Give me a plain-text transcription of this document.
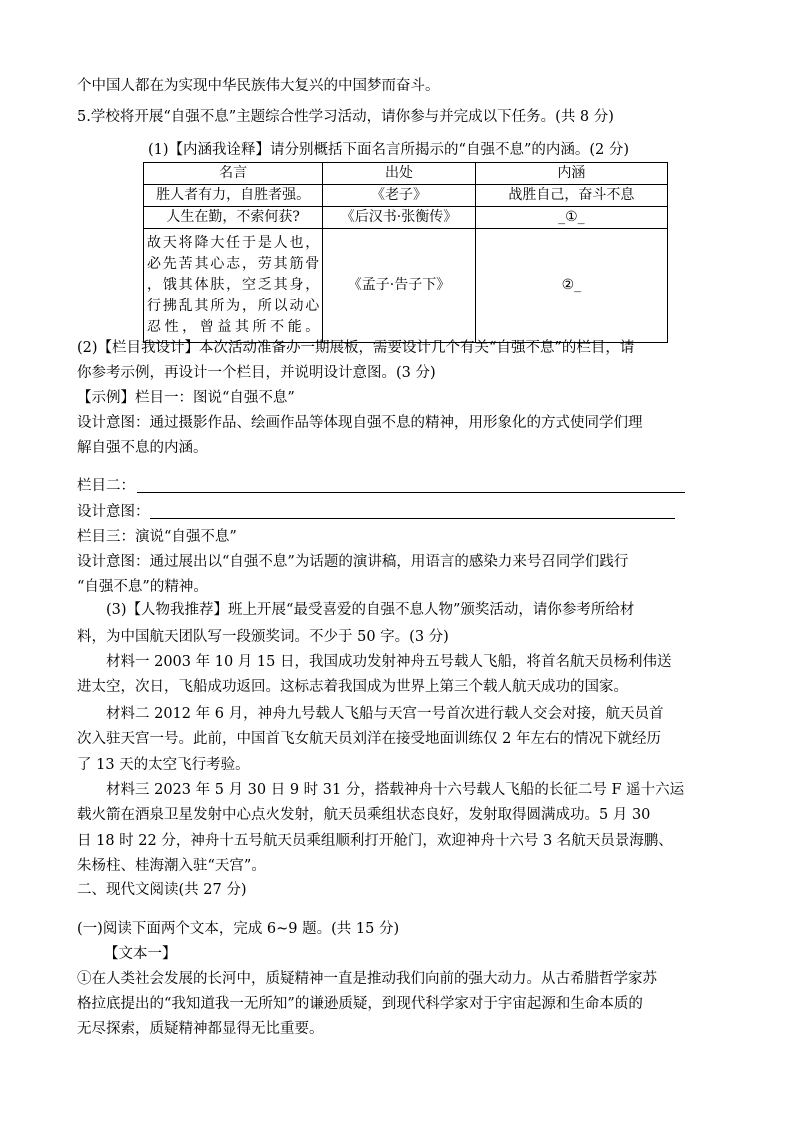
个中国人都在为实现中华民族伟大复兴的中国梦而奋斗。
5.学校将开展“自强不息”主题综合性学习活动，请你参与并完成以下任务。(共 8 分)
(1)【内涵我诠释】请分别概括下面名言所揭示的“自强不息”的内涵。(2 分)
名言	出处	内涵
胜人者有力，自胜者强。	《老子》	战胜自己，奋斗不息
人生在勤，不索何获?	《后汉书·张衡传》	_①_

故天将降大任于是人也，
必先苦其心志，劳其筋骨
，饿其体肤，空乏其身，
行拂乱其所为，所以动心
忍性，曾益其所不能。	《孟子·告子下》	②_
(2)【栏目我设计】本次活动准备办一期展板，需要设计几个有关“自强不息”的栏目，请
你参考示例，再设计一个栏目，并说明设计意图。(3 分)
【示例】栏目一：图说“自强不息”
设计意图：通过摄影作品、绘画作品等体现自强不息的精神，用形象化的方式使同学们理
解自强不息的内涵。
栏目二：
设计意图：
栏目三：演说“自强不息”
设计意图：通过展出以“自强不息”为话题的演讲稿，用语言的感染力来号召同学们践行
“自强不息”的精神。
(3)【人物我推荐】班上开展“最受喜爱的自强不息人物”颁奖活动，请你参考所给材
料，为中国航天团队写一段颁奖词。不少于 50 字。(3 分)
材料一 2003 年 10 月 15 日，我国成功发射神舟五号载人飞船，将首名航天员杨利伟送
进太空，次日，飞船成功返回。这标志着我国成为世界上第三个载人航天成功的国家。
材料二 2012 年 6 月，神舟九号载人飞船与天宫一号首次进行载人交会对接，航天员首
次入驻天宫一号。此前，中国首飞女航天员刘洋在接受地面训练仅 2 年左右的情况下就经历
了 13 天的太空飞行考验。
材料三 2023 年 5 月 30 日 9 时 31 分，搭载神舟十六号载人飞船的长征二号 F 遥十六运
载火箭在酒泉卫星发射中心点火发射，航天员乘组状态良好，发射取得圆满成功。5 月 30
日 18 时 22 分，神舟十五号航天员乘组顺利打开舱门，欢迎神舟十六号 3 名航天员景海鹏、
朱杨柱、桂海潮入驻“天宫”。
二、现代文阅读(共 27 分)
(一)阅读下面两个文本，完成 6~9 题。(共 15 分)
【文本一】
①在人类社会发展的长河中，质疑精神一直是推动我们向前的强大动力。从古希腊哲学家苏
格拉底提出的“我知道我一无所知”的谦逊质疑，到现代科学家对于宇宙起源和生命本质的
无尽探索，质疑精神都显得无比重要。
